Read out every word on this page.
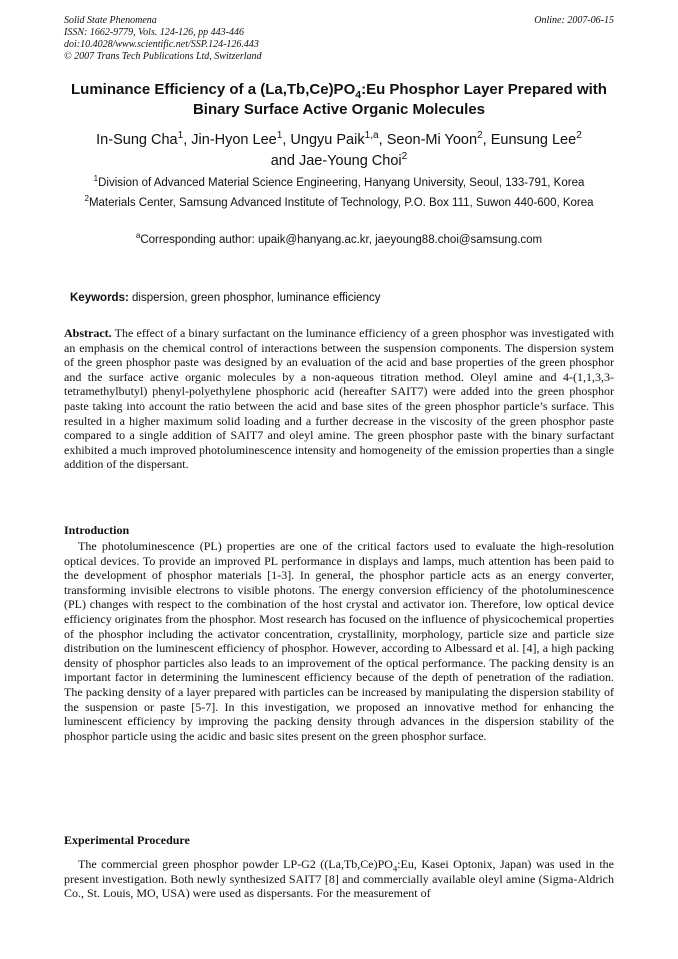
Solid State Phenomena
ISSN: 1662-9779, Vols. 124-126, pp 443-446
doi:10.4028/www.scientific.net/SSP.124-126.443
© 2007 Trans Tech Publications Ltd, Switzerland
Online: 2007-06-15
Luminance Efficiency of a $(La,Tb,Ce)PO_4:Eu$ Phosphor Layer Prepared with Binary Surface Active Organic Molecules
In-Sung Cha$^1$, Jin-Hyon Lee$^1$, Ungyu Paik$^{1,a}$, Seon-Mi Yoon$^2$, Eunsung Lee$^2$
and Jae-Young Choi$^2$
$^1$Division of Advanced Material Science Engineering, Hanyang University, Seoul, 133-791, Korea
$^2$Materials Center, Samsung Advanced Institute of Technology, P.O. Box 111, Suwon 440-600, Korea
$^a$Corresponding author: upaik@hanyang.ac.kr, jaeyoung88.choi@samsung.com
Keywords: dispersion, green phosphor, luminance efficiency

Abstract. The effect of a binary surfactant on the luminance efficiency of a green phosphor was investigated with an emphasis on the chemical control of interactions between the suspension components. The dispersion system of the green phosphor paste was designed by an evaluation of the acid and base properties of the green phosphor and the surface active organic molecules by a non-aqueous titration method. Oleyl amine and 4-(1,1,3,3-tetramethylbutyl) phenyl-polyethylene phosphoric acid (hereafter SAIT7) were added into the green phosphor paste taking into account the ratio between the acid and base sites of the green phosphor particle’s surface. This resulted in a higher maximum solid loading and a further decrease in the viscosity of the green phosphor paste compared to a single addition of SAIT7 and oleyl amine. The green phosphor paste with the binary surfactant exhibited a much improved photoluminescence intensity and homogeneity of the emission properties than a single addition of the dispersant.

Introduction

The photoluminescence (PL) properties are one of the critical factors used to evaluate the high-resolution optical devices. To provide an improved PL performance in displays and lamps, much attention has been paid to the development of phosphor materials [1-3]. In general, the phosphor particle acts as an energy converter, transforming invisible electrons to visible photons. The energy conversion efficiency of the photoluminescence (PL) changes with respect to the combination of the host crystal and activator ion. Therefore, low optical device efficiency originates from the phosphor. Most research has focused on the influence of physicochemical properties of the phosphor including the activator concentration, crystallinity, morphology, particle size and particle size distribution on the luminescent efficiency of phosphor. However, according to Albessard et al. [4], a high packing density of phosphor particles also leads to an improvement of the optical performance. The packing density is an important factor in determining the luminescent efficiency because of the depth of penetration of the radiation. The packing density of a layer prepared with particles can be increased by manipulating the dispersion stability of the suspension or paste [5-7]. In this investigation, we proposed an innovative method for enhancing the luminescent efficiency by improving the packing density through advances in the dispersion stability of the phosphor particle using the acidic and basic sites present on the green phosphor surface.

Experimental Procedure

The commercial green phosphor powder LP-G2 ($(La,Tb,Ce)PO_4:Eu$, Kasei Optonix, Japan) was used in the present investigation. Both newly synthesized SAIT7 [8] and commercially available oleyl amine (Sigma-Aldrich Co., St. Louis, MO, USA) were used as dispersants. For the measurement of
